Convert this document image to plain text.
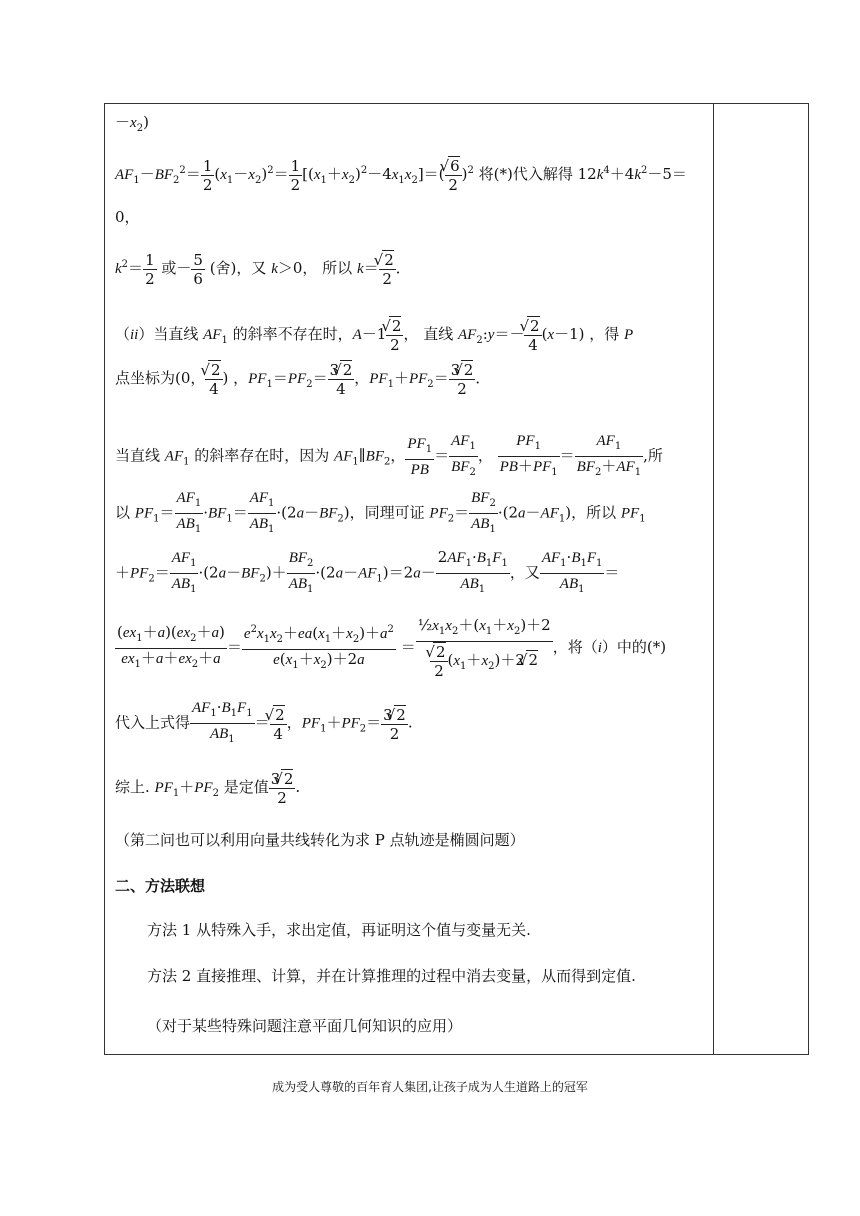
$-x_2$)
$AF_1-BF_2^2= \frac{1}{2} (x_1-x_2)^2= \frac{1}{2} [(x_1+x_2)^2-4x_1x_2]=$(
√ $\frac{6}{2} )^2$ 将(*)代入解得 $12k^4+4k^2-5=$
0，
$k^2= \frac{1}{2}$ 或－ $\frac{5}{6}$ (舍)，又 k＞0， 所以 k＝
√ $\frac{2}{2}$ ．
（ii）当直线 $AF_1$ 的斜率不存在时，A－1
√ $\frac{2}{2}$ ， 直线 $AF_2:y=-$
√ $\frac{2}{4} (x-1)$ ，得 P
点坐标为(0，
√ $\frac{2}{4}$ ) ，$PF_1=PF_2= \frac{3√ 2}{4}$ ，$PF_1+PF_2= \frac{3√ 2}{2}$ ．
当直线 $AF_1$ 的斜率存在时，因为 $AF_1\parallel BF_2$， $\frac{PF_1}{PB} = \frac{AF_1}{BF_2}$ ， $\frac{PF_1}{PB+PF_1} = \frac{AF_1}{BF_2+AF_1}$ ,所
以 $PF_1= \frac{AF_1}{AB_1} \cdot BF_1= \frac{AF_1}{AB_1} \cdot(2a-BF_2)$，同理可证 $PF_2= \frac{BF_2}{AB_1} \cdot(2a-AF_1)$，所以 $PF_1$
$+PF_2= \frac{AF_1}{AB_1} \cdot(2a-BF_2)+ \frac{BF_2}{AB_1} \cdot(2a-AF_1)=2a- \frac{2AF_1\cdot B_1F_1}{AB_1}$ ，又 $\frac{AF_1\cdot B_1F_1}{AB_1}$ ＝
$\frac{(ex_1+a)(ex_2+a)}{ex_1+a+ex_2+a} = \frac{e^2x_1x_2+ea(x_1+x_2)+a^2}{e(x_1+x_2)+2a}$ ＝ $\frac{1}{2}x_1x_2+(x_1+x_2)+2$
√ $\frac{2}{2} (x_1+x_2)+2√$ 2 ，将（i）中的(*)
代入上式得 $\frac{AF_1\cdot B_1F_1}{AB_1}$ ＝
√ $\frac{2}{4}$ ，$PF_1+PF_2= \frac{3√ 2}{2}$ .
综上. $PF_1+PF_2$ 是定值 $\frac{3√ 2}{2}$ .
（第二问也可以利用向量共线转化为求 P 点轨迹是椭圆问题）
二、方法联想
方法 1 从特殊入手，求出定值，再证明这个值与变量无关.
方法 2 直接推理、计算，并在计算推理的过程中消去变量，从而得到定值.
（对于某些特殊问题注意平面几何知识的应用）
成为受人尊敬的百年育人集团,让孩子成为人生道路上的冠军
